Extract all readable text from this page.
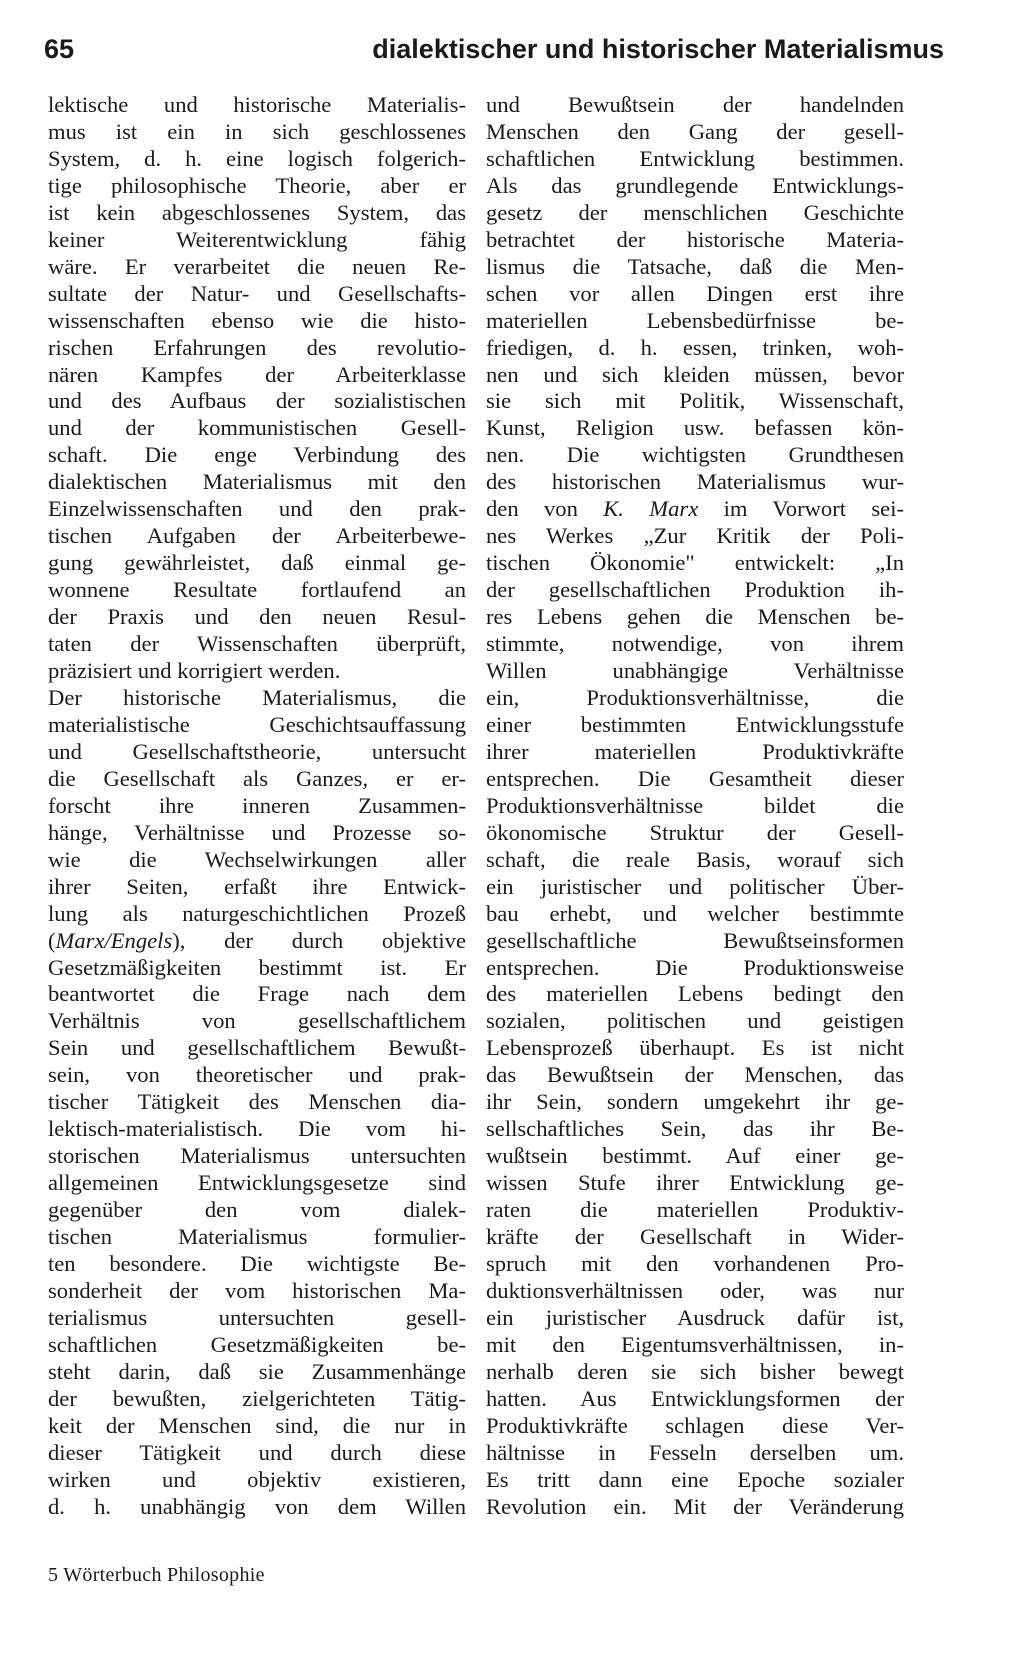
65	dialektischer und historischer Materialismus
lektische und historische Materialis-
mus ist ein in sich geschlossenes
System, d. h. eine logisch folgerich-
tige philosophische Theorie, aber er
ist kein abgeschlossenes System, das
keiner Weiterentwicklung fähig
wäre. Er verarbeitet die neuen Re-
sultate der Natur- und Gesellschafts-
wissenschaften ebenso wie die histo-
rischen Erfahrungen des revolutio-
nären Kampfes der Arbeiterklasse
und des Aufbaus der sozialistischen
und der kommunistischen Gesell-
schaft. Die enge Verbindung des
dialektischen Materialismus mit den
Einzelwissenschaften und den prak-
tischen Aufgaben der Arbeiterbewe-
gung gewährleistet, daß einmal ge-
wonnene Resultate fortlaufend an
der Praxis und den neuen Resul-
taten der Wissenschaften überprüft,
präzisiert und korrigiert werden.
Der historische Materialismus, die
materialistische Geschichtsauffassung
und Gesellschaftstheorie, untersucht
die Gesellschaft als Ganzes, er er-
forscht ihre inneren Zusammen-
hänge, Verhältnisse und Prozesse so-
wie die Wechselwirkungen aller
ihrer Seiten, erfaßt ihre Entwick-
lung als naturgeschichtlichen Prozeß
(Marx/Engels), der durch objektive
Gesetzmäßigkeiten bestimmt ist. Er
beantwortet die Frage nach dem
Verhältnis von gesellschaftlichem
Sein und gesellschaftlichem Bewußt-
sein, von theoretischer und prak-
tischer Tätigkeit des Menschen dia-
lektisch-materialistisch. Die vom hi-
storischen Materialismus untersuchten
allgemeinen Entwicklungsgesetze sind
gegenüber den vom dialek-
tischen Materialismus formulier-
ten besondere. Die wichtigste Be-
sonderheit der vom historischen Ma-
terialismus untersuchten gesell-
schaftlichen Gesetzmäßigkeiten be-
steht darin, daß sie Zusammenhänge
der bewußten, zielgerichteten Tätig-
keit der Menschen sind, die nur in
dieser Tätigkeit und durch diese
wirken und objektiv existieren,
d. h. unabhängig von dem Willen
und Bewußtsein der handelnden
Menschen den Gang der gesell-
schaftlichen Entwicklung bestimmen.
Als das grundlegende Entwicklungs-
gesetz der menschlichen Geschichte
betrachtet der historische Materia-
lismus die Tatsache, daß die Men-
schen vor allen Dingen erst ihre
materiellen Lebensbedürfnisse be-
friedigen, d. h. essen, trinken, woh-
nen und sich kleiden müssen, bevor
sie sich mit Politik, Wissenschaft,
Kunst, Religion usw. befassen kön-
nen. Die wichtigsten Grundthesen
des historischen Materialismus wur-
den von K. Marx im Vorwort sei-
nes Werkes „Zur Kritik der Poli-
tischen Ökonomie" entwickelt: „In
der gesellschaftlichen Produktion ih-
res Lebens gehen die Menschen be-
stimmte, notwendige, von ihrem
Willen unabhängige Verhältnisse
ein, Produktionsverhältnisse, die
einer bestimmten Entwicklungsstufe
ihrer materiellen Produktivkräfte
entsprechen. Die Gesamtheit dieser
Produktionsverhältnisse bildet die
ökonomische Struktur der Gesell-
schaft, die reale Basis, worauf sich
ein juristischer und politischer Über-
bau erhebt, und welcher bestimmte
gesellschaftliche Bewußtseinsformen
entsprechen. Die Produktionsweise
des materiellen Lebens bedingt den
sozialen, politischen und geistigen
Lebensprozeß überhaupt. Es ist nicht
das Bewußtsein der Menschen, das
ihr Sein, sondern umgekehrt ihr ge-
sellschaftliches Sein, das ihr Be-
wußtsein bestimmt. Auf einer ge-
wissen Stufe ihrer Entwicklung ge-
raten die materiellen Produktiv-
kräfte der Gesellschaft in Wider-
spruch mit den vorhandenen Pro-
duktionsverhältnissen oder, was nur
ein juristischer Ausdruck dafür ist,
mit den Eigentumsverhältnissen, in-
nerhalb deren sie sich bisher bewegt
hatten. Aus Entwicklungsformen der
Produktivkräfte schlagen diese Ver-
hältnisse in Fesseln derselben um.
Es tritt dann eine Epoche sozialer
Revolution ein. Mit der Veränderung
5 Wörterbuch Philosophie
